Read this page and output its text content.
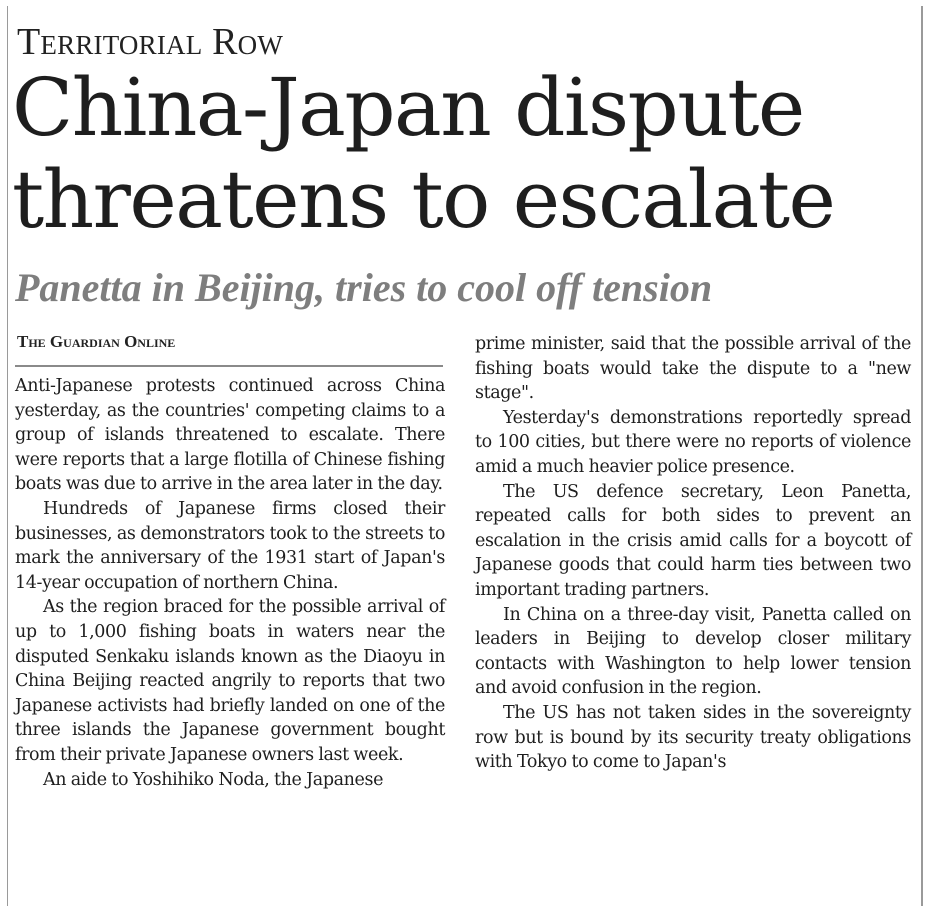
Territorial Row
China-Japan dispute threatens to escalate
Panetta in Beijing, tries to cool off tension
The Guardian Online

Anti-Japanese protests continued across China yesterday, as the countries' competing claims to a group of islands threatened to escalate. There were reports that a large flotilla of Chinese fishing boats was due to arrive in the area later in the day.

Hundreds of Japanese firms closed their businesses, as demonstrators took to the streets to mark the anniversary of the 1931 start of Japan's 14-year occupation of northern China.

As the region braced for the possible arrival of up to 1,000 fishing boats in waters near the disputed Senkaku islands known as the Diaoyu in China Beijing reacted angrily to reports that two Japanese activists had briefly landed on one of the three islands the Japanese government bought from their private Japanese owners last week.

An aide to Yoshihiko Noda, the Japanese

prime minister, said that the possible arrival of the fishing boats would take the dispute to a "new stage".

Yesterday's demonstrations reportedly spread to 100 cities, but there were no reports of violence amid a much heavier police presence.

The US defence secretary, Leon Panetta, repeated calls for both sides to prevent an escalation in the crisis amid calls for a boycott of Japanese goods that could harm ties between two important trading partners.

In China on a three-day visit, Panetta called on leaders in Beijing to develop closer military contacts with Washington to help lower tension and avoid confusion in the region.

The US has not taken sides in the sovereignty row but is bound by its security treaty obligations with Tokyo to come to Japan's
